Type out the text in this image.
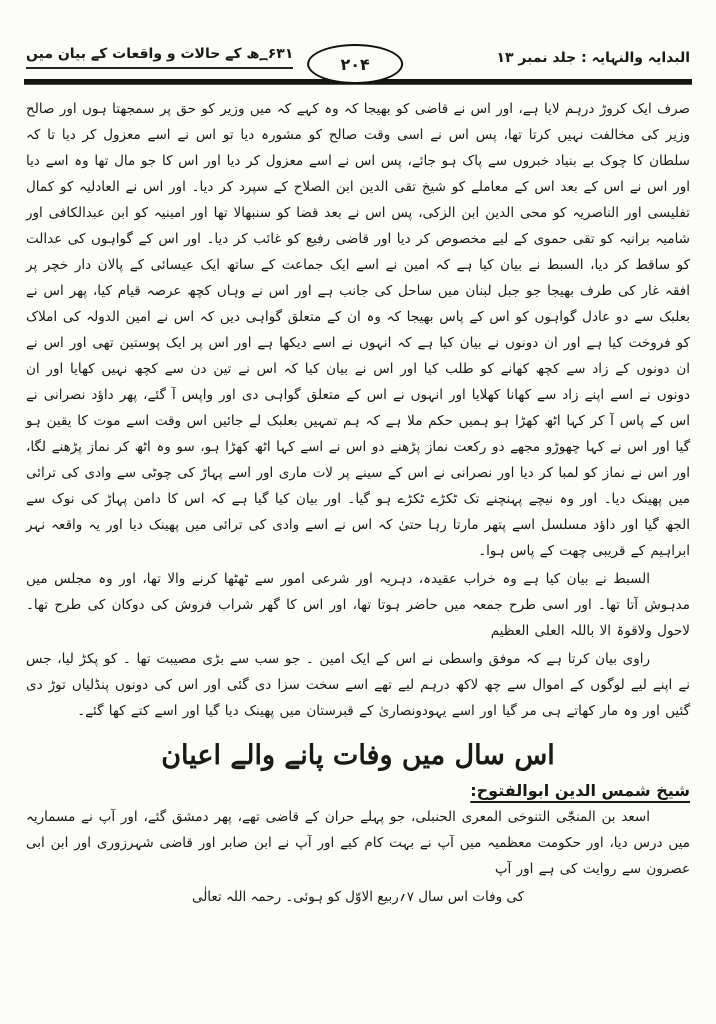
البدایہ والنہایہ : جلد نمبر ۱۳
۲۰۴
؁۶۳۱ھ کے حالات و واقعات کے بیان میں

صرف ایک کروڑ درہم لایا ہے، اور اس نے قاضی کو بھیجا کہ وہ کہے کہ میں وزیر کو حق پر سمجھتا ہوں اور صالح وزیر کی مخالفت نہیں کرتا تھا، پس اس نے اسی وقت صالح کو مشورہ دیا تو اس نے اسے معزول کر دیا تا کہ سلطان کا چوک بے بنیاد خبروں سے پاک ہو جائے، پس اس نے اسے معزول کر دیا اور اس کا جو مال تھا وہ اسے دیا اور اس نے اس کے بعد اس کے معاملے کو شیخ تقی الدین ابن الصلاح کے سپرد کر دیا۔ اور اس نے العادلیہ کو کمال تفلیسی اور الناصریہ کو محی الدین ابن الزکی، پس اس نے بعد قضا کو سنبھالا تھا اور امینیہ کو ابن عبدالکافی اور شامیہ برانیہ کو تقی حموی کے لیے مخصوص کر دیا اور قاضی رفیع کو غائب کر دیا۔ اور اس کے گواہوں کی عدالت کو ساقط کر دیا، السبط نے بیان کیا ہے کہ امین نے اسے ایک جماعت کے ساتھ ایک عیسائی کے پالان دار خچر پر افقہ غار کی طرف بھیجا جو جبل لبنان میں ساحل کی جانب ہے اور اس نے وہاں کچھ عرصہ قیام کیا، پھر اس نے بعلبک سے دو عادل گواہوں کو اس کے پاس بھیجا کہ وہ ان کے متعلق گواہی دیں کہ اس نے امین الدولہ کی املاک کو فروخت کیا ہے اور ان دونوں نے بیان کیا ہے کہ انہوں نے اسے دیکھا ہے اور اس پر ایک پوستین تھی اور اس نے ان دونوں کے زاد سے کچھ کھانے کو طلب کیا اور اس نے بیان کیا کہ اس نے تین دن سے کچھ نہیں کھایا اور ان دونوں نے اسے اپنے زاد سے کھانا کھلایا اور انہوں نے اس کے متعلق گواہی دی اور واپس آ گئے، پھر داؤد نصرانی نے اس کے پاس آ کر کہا اٹھ کھڑا ہو ہمیں حکم ملا ہے کہ ہم تمہیں بعلبک لے جائیں اس وقت اسے موت کا یقین ہو گیا اور اس نے کہا چھوڑو مجھے دو رکعت نماز پڑھنے دو اس نے اسے کہا اٹھ کھڑا ہو، سو وہ اٹھ کر نماز پڑھنے لگا، اور اس نے نماز کو لمبا کر دیا اور نصرانی نے اس کے سینے پر لات ماری اور اسے پہاڑ کی چوٹی سے وادی کی ترائی میں پھینک دیا۔ اور وہ نیچے پہنچنے تک ٹکڑے ٹکڑے ہو گیا۔ اور بیان کیا گیا ہے کہ اس کا دامن پہاڑ کی نوک سے الجھ گیا اور داؤد مسلسل اسے پتھر مارتا رہا حتیٰ کہ اس نے اسے وادی کی ترائی میں پھینک دیا اور یہ واقعہ نہر ابراہیم کے قریبی چھت کے پاس ہوا۔

السبط نے بیان کیا ہے وہ خراب عقیدہ، دہریہ اور شرعی امور سے ٹھٹھا کرنے والا تھا، اور وہ مجلس میں مدہوش آتا تھا۔ اور اسی طرح جمعہ میں حاضر ہوتا تھا، اور اس کا گھر شراب فروش کی دوکان کی طرح تھا۔ لاحول ولاقوۃ الا باللہ العلی العظیم

راوی بیان کرتا ہے کہ موفق واسطی نے اس کے ایک امین ۔ جو سب سے بڑی مصیبت تھا ۔ کو پکڑ لیا، جس نے اپنے لیے لوگوں کے اموال سے چھ لاکھ درہم لیے تھے اسے سخت سزا دی گئی اور اس کی دونوں پنڈلیاں توڑ دی گئیں اور وہ مار کھاتے ہی مر گیا اور اسے یہودونصاریٰ کے قبرستان میں پھینک دیا گیا اور اسے کتے کھا گئے۔

اس سال میں وفات پانے والے اعیان
شیخ شمس الدین ابوالفتوح:

اسعد بن المنجّٰی التنوخی المعری الحنبلی، جو پہلے حران کے قاضی تھے، پھر دمشق گئے، اور آپ نے مسماریہ میں درس دیا، اور حکومت معظمیہ میں آپ نے بہت کام کیے اور آپ نے ابن صابر اور قاضی شہرزوری اور ابن ابی عصرون سے روایت کی ہے اور آپ

کی وفات اس سال ۷؍ربیع الاوّل کو ہوئی۔ رحمہ اللہ تعالٰی
